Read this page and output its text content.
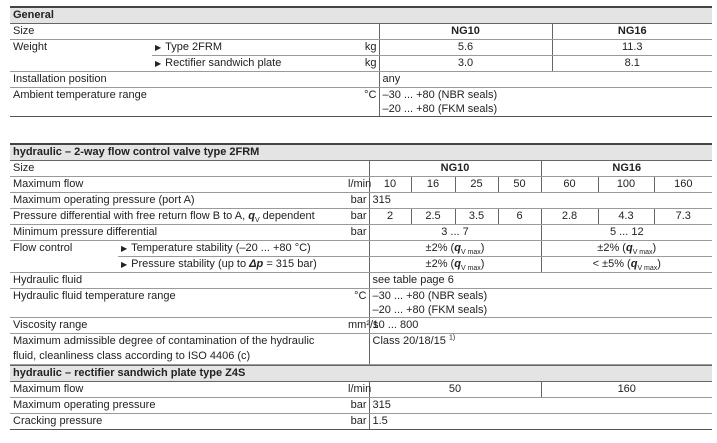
General				
Size			NG10	NG16
Weight	▶ Type 2FRM	kg	5.6	11.3
	▶ Rectifier sandwich plate	kg	3.0	8.1
Installation position			any	
Ambient temperature range		°C	–30 ... +80 (NBR seals)
–20 ... +80 (FKM seals)	
hydraulic – 2-way flow control valve type 2FRM									
Size			NG10				NG16		
Maximum flow		l/min	10	16	25	50	60	100	160
Maximum operating pressure (port A)		bar	315						
Pressure differential with free return flow B to A, $q_V$ dependent		bar	2	2.5	3.5	6	2.8	4.3	7.3
Minimum pressure differential		bar	3 ... 7				5 ... 12		
Flow control	▶ Temperature stability (–20 ... +80 °C)		±2% $(q_{V max})$				±2% $(q_{V max})$		
	▶ Pressure stability (up to Δp = 315 bar)		±2% $(q_{V max})$				< ±5% $(q_{V max})$		
Hydraulic fluid			see table page 6						
Hydraulic fluid temperature range		°C	–30 ... +80 (NBR seals)
–20 ... +80 (FKM seals)						

Viscosity range		mm²/s	10 ... 800						

Maximum admissible degree of contamination of the hydraulic
fluid, cleanliness class according to ISO 4406 (c)			Class 20/18/15 $^{1)}$
hydraulic – rectifier sandwich plate type Z4S			
Maximum flow	l/min	50	160
Maximum operating pressure	bar	315	
Cracking pressure	bar	1.5	
